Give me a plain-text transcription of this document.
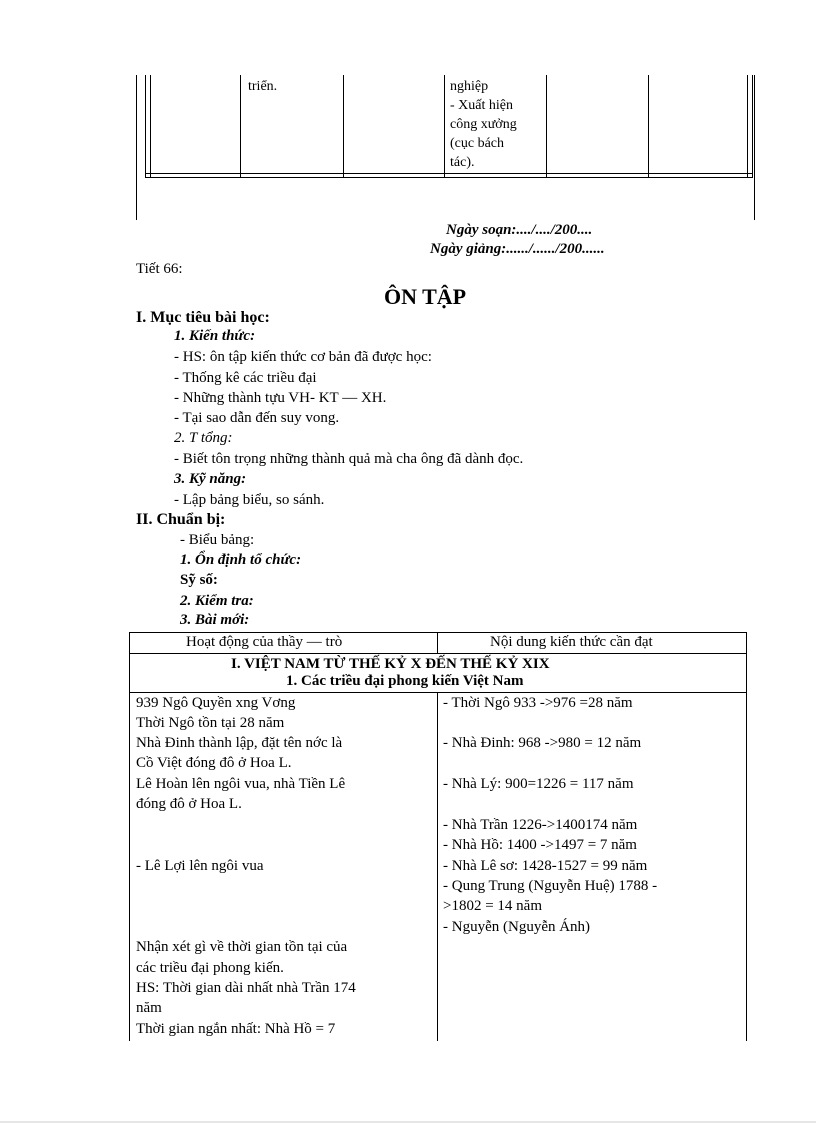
triển.	nghiệp
- Xuất hiện
công xưởng
(cục bách
tác).
Ngày soạn:..../..../200....
Ngày giảng:....../....../200......
Tiết 66:
ÔN TẬP
I. Mục tiêu bài học:
1. Kiến thức:
- HS: ôn tập kiến thức cơ bản đã được học:
- Thống kê các triều đại
- Những thành tựu VH- KT — XH.
- Tại sao dẫn đến suy vong.
2. T tổng:
- Biết tôn trọng những thành quả mà cha ông đã dành đọc.
3. Kỹ năng:
- Lập bảng biểu, so sánh.
II. Chuẩn bị:
- Biểu bảng:
1. Ổn định tổ chức:
Sỹ số:
2. Kiểm tra:
3. Bài mới:
Hoạt động của thầy — trò	Nội dung kiến thức cần đạt
I. VIỆT NAM TỪ THẾ KỶ X ĐẾN THẾ KỶ XIX
1. Các triều đại phong kiến Việt Nam
939 Ngô Quyền xng Vơng
Thời Ngô tồn tại 28 năm
Nhà Đinh thành lập, đặt tên nớc là
Cồ Việt đóng đô ở Hoa L.
Lê Hoàn lên ngôi vua, nhà Tiền Lê
đóng đô ở Hoa L.
- Lê Lợi lên ngôi vua
Nhận xét gì về thời gian tồn tại của
các triều đại phong kiến.
HS: Thời gian dài nhất nhà Trần 174
năm
Thời gian ngắn nhất: Nhà Hồ = 7
- Thời Ngô 933 ->976 =28 năm
- Nhà Đinh: 968 ->980 = 12 năm
- Nhà Lý: 900=1226 = 117 năm
- Nhà Trần 1226->1400174 năm
- Nhà Hồ: 1400 ->1497 = 7 năm
- Nhà Lê sơ: 1428-1527 = 99 năm
- Qung Trung (Nguyễn Huệ) 1788 -
>1802 = 14 năm
- Nguyễn (Nguyễn Ánh)
